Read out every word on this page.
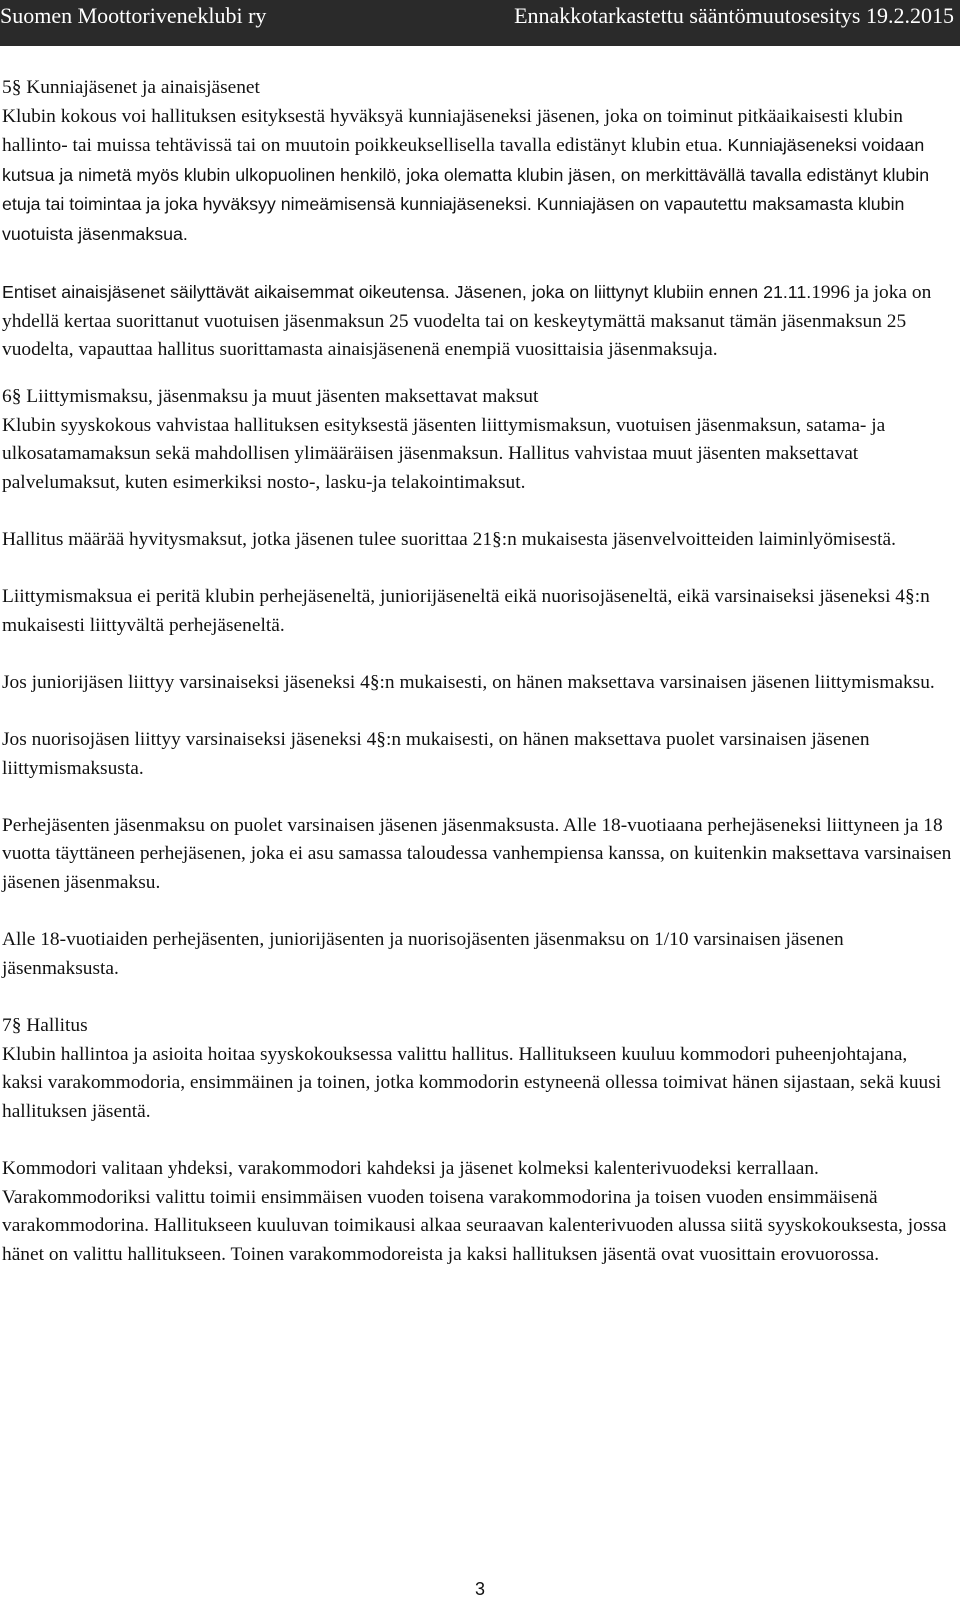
Suomen Moottoriveneklubi ry	Ennakkotarkastettu sääntömuutosesitys 19.2.2015

5§ Kunniajäsenet ja ainaisjäsenet

Klubin kokous voi hallituksen esityksestä hyväksyä kunniajäseneksi jäsenen, joka on toiminut pitkäaikaisesti klubin hallinto- tai muissa tehtävissä tai on muutoin poikkeuksellisella tavalla edistänyt klubin etua. Kunniajäseneksi voidaan kutsua ja nimetä myös klubin ulkopuolinen henkilö, joka olematta klubin jäsen, on merkittävällä tavalla edistänyt klubin etuja tai toimintaa ja joka hyväksyy nimeämisensä kunniajäseneksi. Kunniajäsen on vapautettu maksamasta klubin vuotuista jäsenmaksua.

Entiset ainaisjäsenet säilyttävät aikaisemmat oikeutensa. Jäsenen, joka on liittynyt klubiin ennen 21.11.1996 ja joka on yhdellä kertaa suorittanut vuotuisen jäsenmaksun 25 vuodelta tai on keskeytymättä maksanut tämän jäsenmaksun 25 vuodelta, vapauttaa hallitus suorittamasta ainaisjäsenenä enempiä vuosittaisia jäsenmaksuja.

6§ Liittymismaksu, jäsenmaksu ja muut jäsenten maksettavat maksut

Klubin syyskokous vahvistaa hallituksen esityksestä jäsenten liittymismaksun, vuotuisen jäsenmaksun, satama- ja ulkosatamamaksun sekä mahdollisen ylimääräisen jäsenmaksun. Hallitus vahvistaa muut jäsenten maksettavat palvelumaksut, kuten esimerkiksi nosto-, lasku-ja telakointimaksut.

Hallitus määrää hyvitysmaksut, jotka jäsenen tulee suorittaa 21§:n mukaisesta jäsenvelvoitteiden laiminlyömisestä.

Liittymismaksua ei peritä klubin perhejäseneltä, juniorijäseneltä eikä nuorisojäseneltä, eikä varsinaiseksi jäseneksi 4§:n mukaisesti liittyvältä perhejäseneltä.

Jos juniorijäsen liittyy varsinaiseksi jäseneksi 4§:n mukaisesti, on hänen maksettava varsinaisen jäsenen liittymismaksu.

Jos nuorisojäsen liittyy varsinaiseksi jäseneksi 4§:n mukaisesti, on hänen maksettava puolet varsinaisen jäsenen liittymismaksusta.

Perhejäsenten jäsenmaksu on puolet varsinaisen jäsenen jäsenmaksusta. Alle 18-vuotiaana perhejäseneksi liittyneen ja 18 vuotta täyttäneen perhejäsenen, joka ei asu samassa taloudessa vanhempiensa kanssa, on kuitenkin maksettava varsinaisen jäsenen jäsenmaksu.

Alle 18-vuotiaiden perhejäsenten, juniorijäsenten ja nuorisojäsenten jäsenmaksu on 1/10 varsinaisen jäsenen jäsenmaksusta.

7§ Hallitus

Klubin hallintoa ja asioita hoitaa syyskokouksessa valittu hallitus. Hallitukseen kuuluu kommodori puheenjohtajana, kaksi varakommodoria, ensimmäinen ja toinen, jotka kommodorin estyneenä ollessa toimivat hänen sijastaan, sekä kuusi hallituksen jäsentä.

Kommodori valitaan yhdeksi, varakommodori kahdeksi ja jäsenet kolmeksi kalenterivuodeksi kerrallaan. Varakommodoriksi valittu toimii ensimmäisen vuoden toisena varakommodorina ja toisen vuoden ensimmäisenä varakommodorina. Hallitukseen kuuluvan toimikausi alkaa seuraavan kalenterivuoden alussa siitä syyskokouksesta, jossa hänet on valittu hallitukseen. Toinen varakommodoreista ja kaksi hallituksen jäsentä ovat vuosittain erovuorossa.

3
